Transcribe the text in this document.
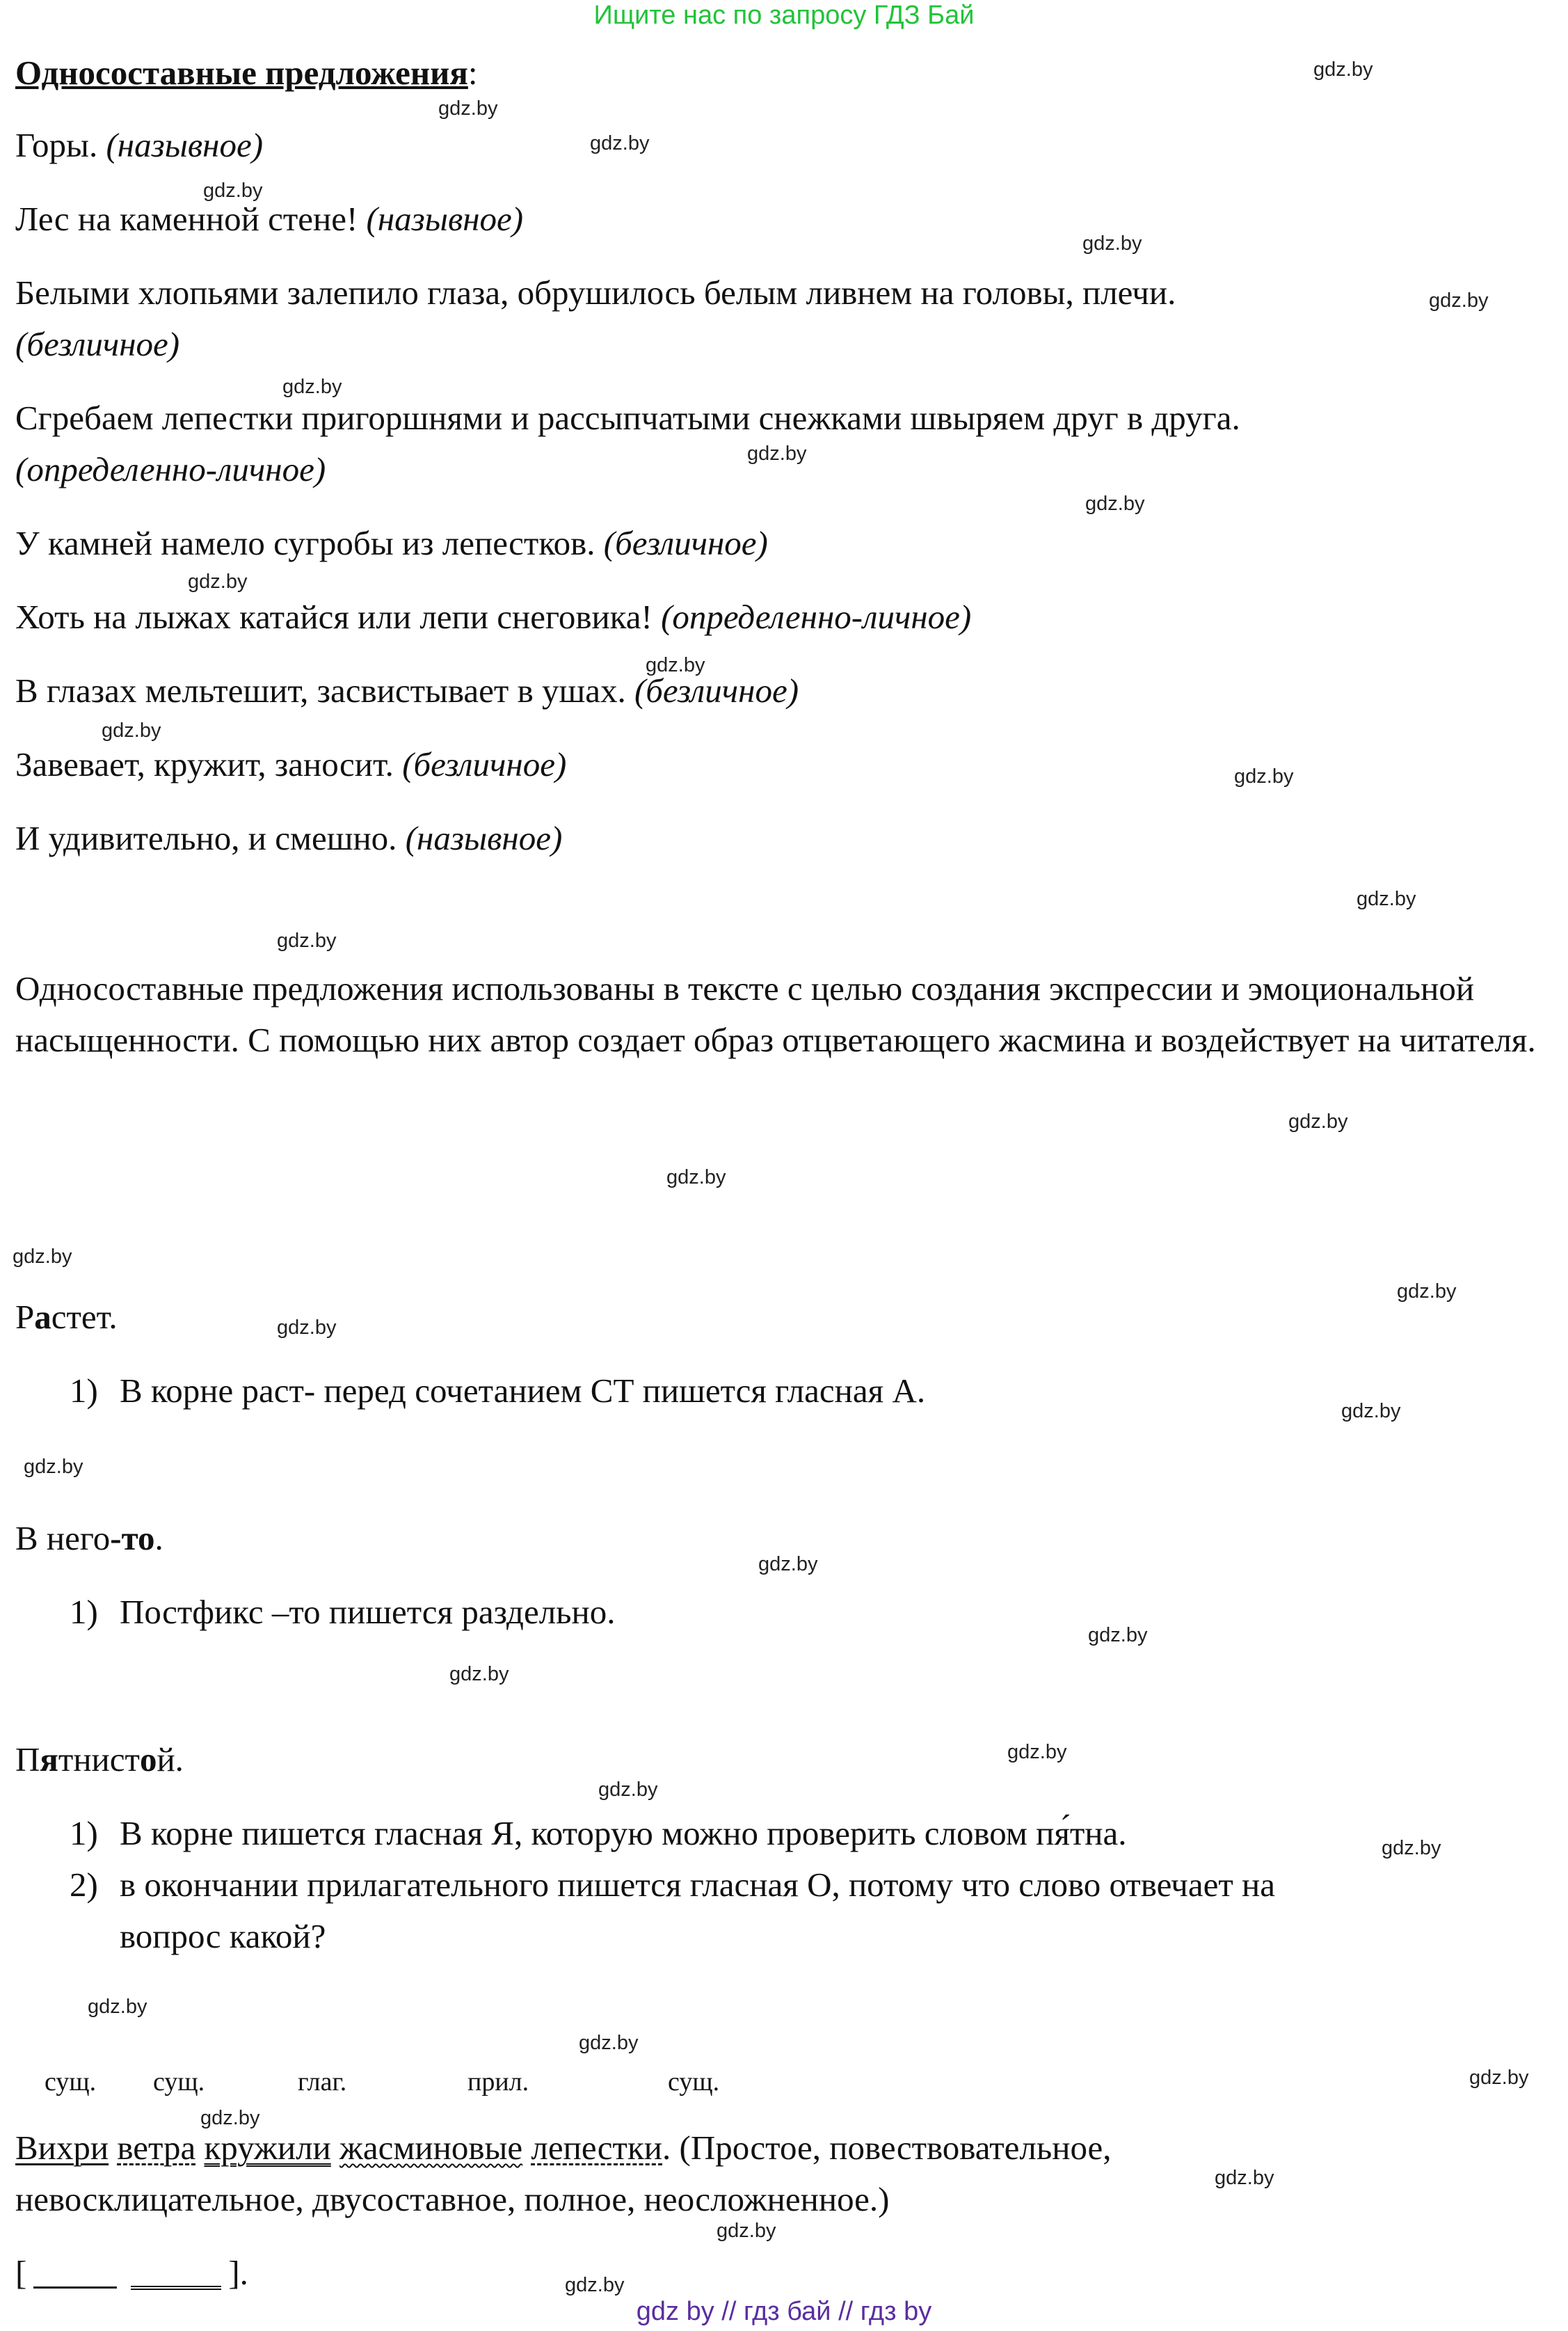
Ищите нас по запросу ГДЗ Бай
gdz by // гдз бай // гдз by
gdz.by
gdz.by
gdz.by
gdz.by
gdz.by
gdz.by
gdz.by
gdz.by
gdz.by
gdz.by
gdz.by
gdz.by
gdz.by
gdz.by
gdz.by
gdz.by
gdz.by
gdz.by
gdz.by
gdz.by
gdz.by
gdz.by
gdz.by
gdz.by
gdz.by
gdz.by
gdz.by
gdz.by
gdz.by
gdz.by
gdz.by
gdz.by
gdz.by
gdz.by
gdz.by
Односоставные предложения:
Горы. (назывное)
Лес на каменной стене! (назывное)
Белыми хлопьями залепило глаза, обрушилось белым ливнем на головы, плечи.
(безличное)
Сгребаем лепестки пригоршнями и рассыпчатыми снежками швыряем друг в друга.
(определенно-личное)
У камней намело сугробы из лепестков. (безличное)
Хоть на лыжах катайся или лепи снеговика! (определенно-личное)
В глазах мельтешит, засвистывает в ушах. (безличное)
Завевает, кружит, заносит. (безличное)
И удивительно, и смешно. (назывное)
Односоставные предложения использованы в тексте с целью создания экспрессии и эмоциональной насыщенности. С помощью них автор создает образ отцветающего жасмина и воздействует на читателя.
Растет.
1) В корне раст- перед сочетанием СТ пишется гласная А.
В него-то.
1) Постфикс –то пишется раздельно.
Пятнистой.
1) В корне пишется гласная Я, которую можно проверить словом пя́тна.
2) в окончании прилагательного пишется гласная О, потому что слово отвечает на
вопрос какой?
сущ. сущ.	глаг.	прил.	сущ.
Вихри ветра кружили жасминовые лепестки. (Простое, повествовательное,
невосклицательное, двусоставное, полное, неосложненное.)
[	].
